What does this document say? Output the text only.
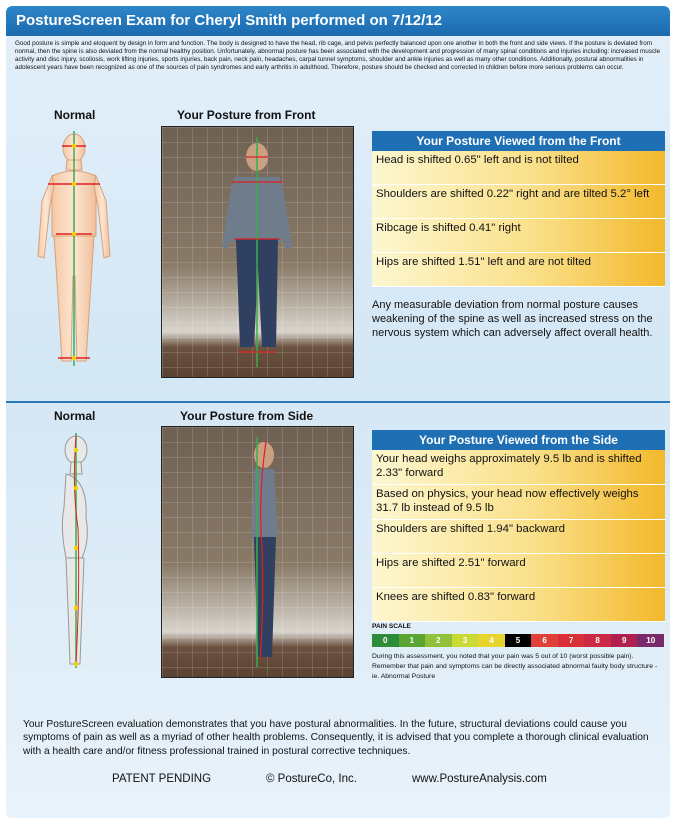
PostureScreen Exam for Cheryl Smith performed on 7/12/12
Good posture is simple and eloquent by design in form and function. The body is designed to have the head, rib cage, and pelvis perfectly balanced upon one another in both the front and side views. If the posture is deviated from normal, then the spine is also deviated from the normal healthy position. Unfortunately, abnormal posture has been associated with the development and progression of many spinal conditions and injuries including: increased muscle activity and disc injury, scoliosis, work lifting injuries, sports injuries, back pain, neck pain, headaches, carpal tunnel symptoms, shoulder and ankle injuries as well as many other conditions. Additionally, postural abnormalities in adolescent years have been recognized as one of the sources of pain syndromes and early arthritis in adulthood. Therefore, posture should be checked and corrected in children before more serious problems can occur.
Normal	Your Posture from Front
Your Posture Viewed from the Front
Head is shifted 0.65" left and is not tilted
Shoulders are shifted 0.22" right and are tilted 5.2° left
Ribcage is shifted 0.41" right
Hips are shifted 1.51" left and are not tilted
Any measurable deviation from normal posture causes weakening of the spine as well as increased stress on the nervous system which can adversely affect overall health.
Normal	Your Posture from Side
Your Posture Viewed from the Side
Your head weighs approximately 9.5 lb and is shifted 2.33" forward
Based on physics, your head now effectively weighs 31.7 lb instead of 9.5 lb
Shoulders are shifted 1.94" backward
Hips are shifted 2.51" forward
Knees are shifted 0.83" forward
PAIN SCALE
0	1	2	3	4	5	6	7	8	9	10
During this assessment, you noted that your pain was 5 out of 10 (worst possible pain). Remember that pain and symptoms can be directly associated abnormal faulty body structure - ie. Abnormal Posture
Your PostureScreen evaluation demonstrates that you have postural abnormalities. In the future, structural deviations could cause you symptoms of pain as well as a myriad of other health problems. Consequently, it is advised that you complete a thorough clinical evaluation with a health care and/or fitness professional trained in postural corrective techniques.
PATENT PENDING	© PostureCo, Inc.	www.PostureAnalysis.com
